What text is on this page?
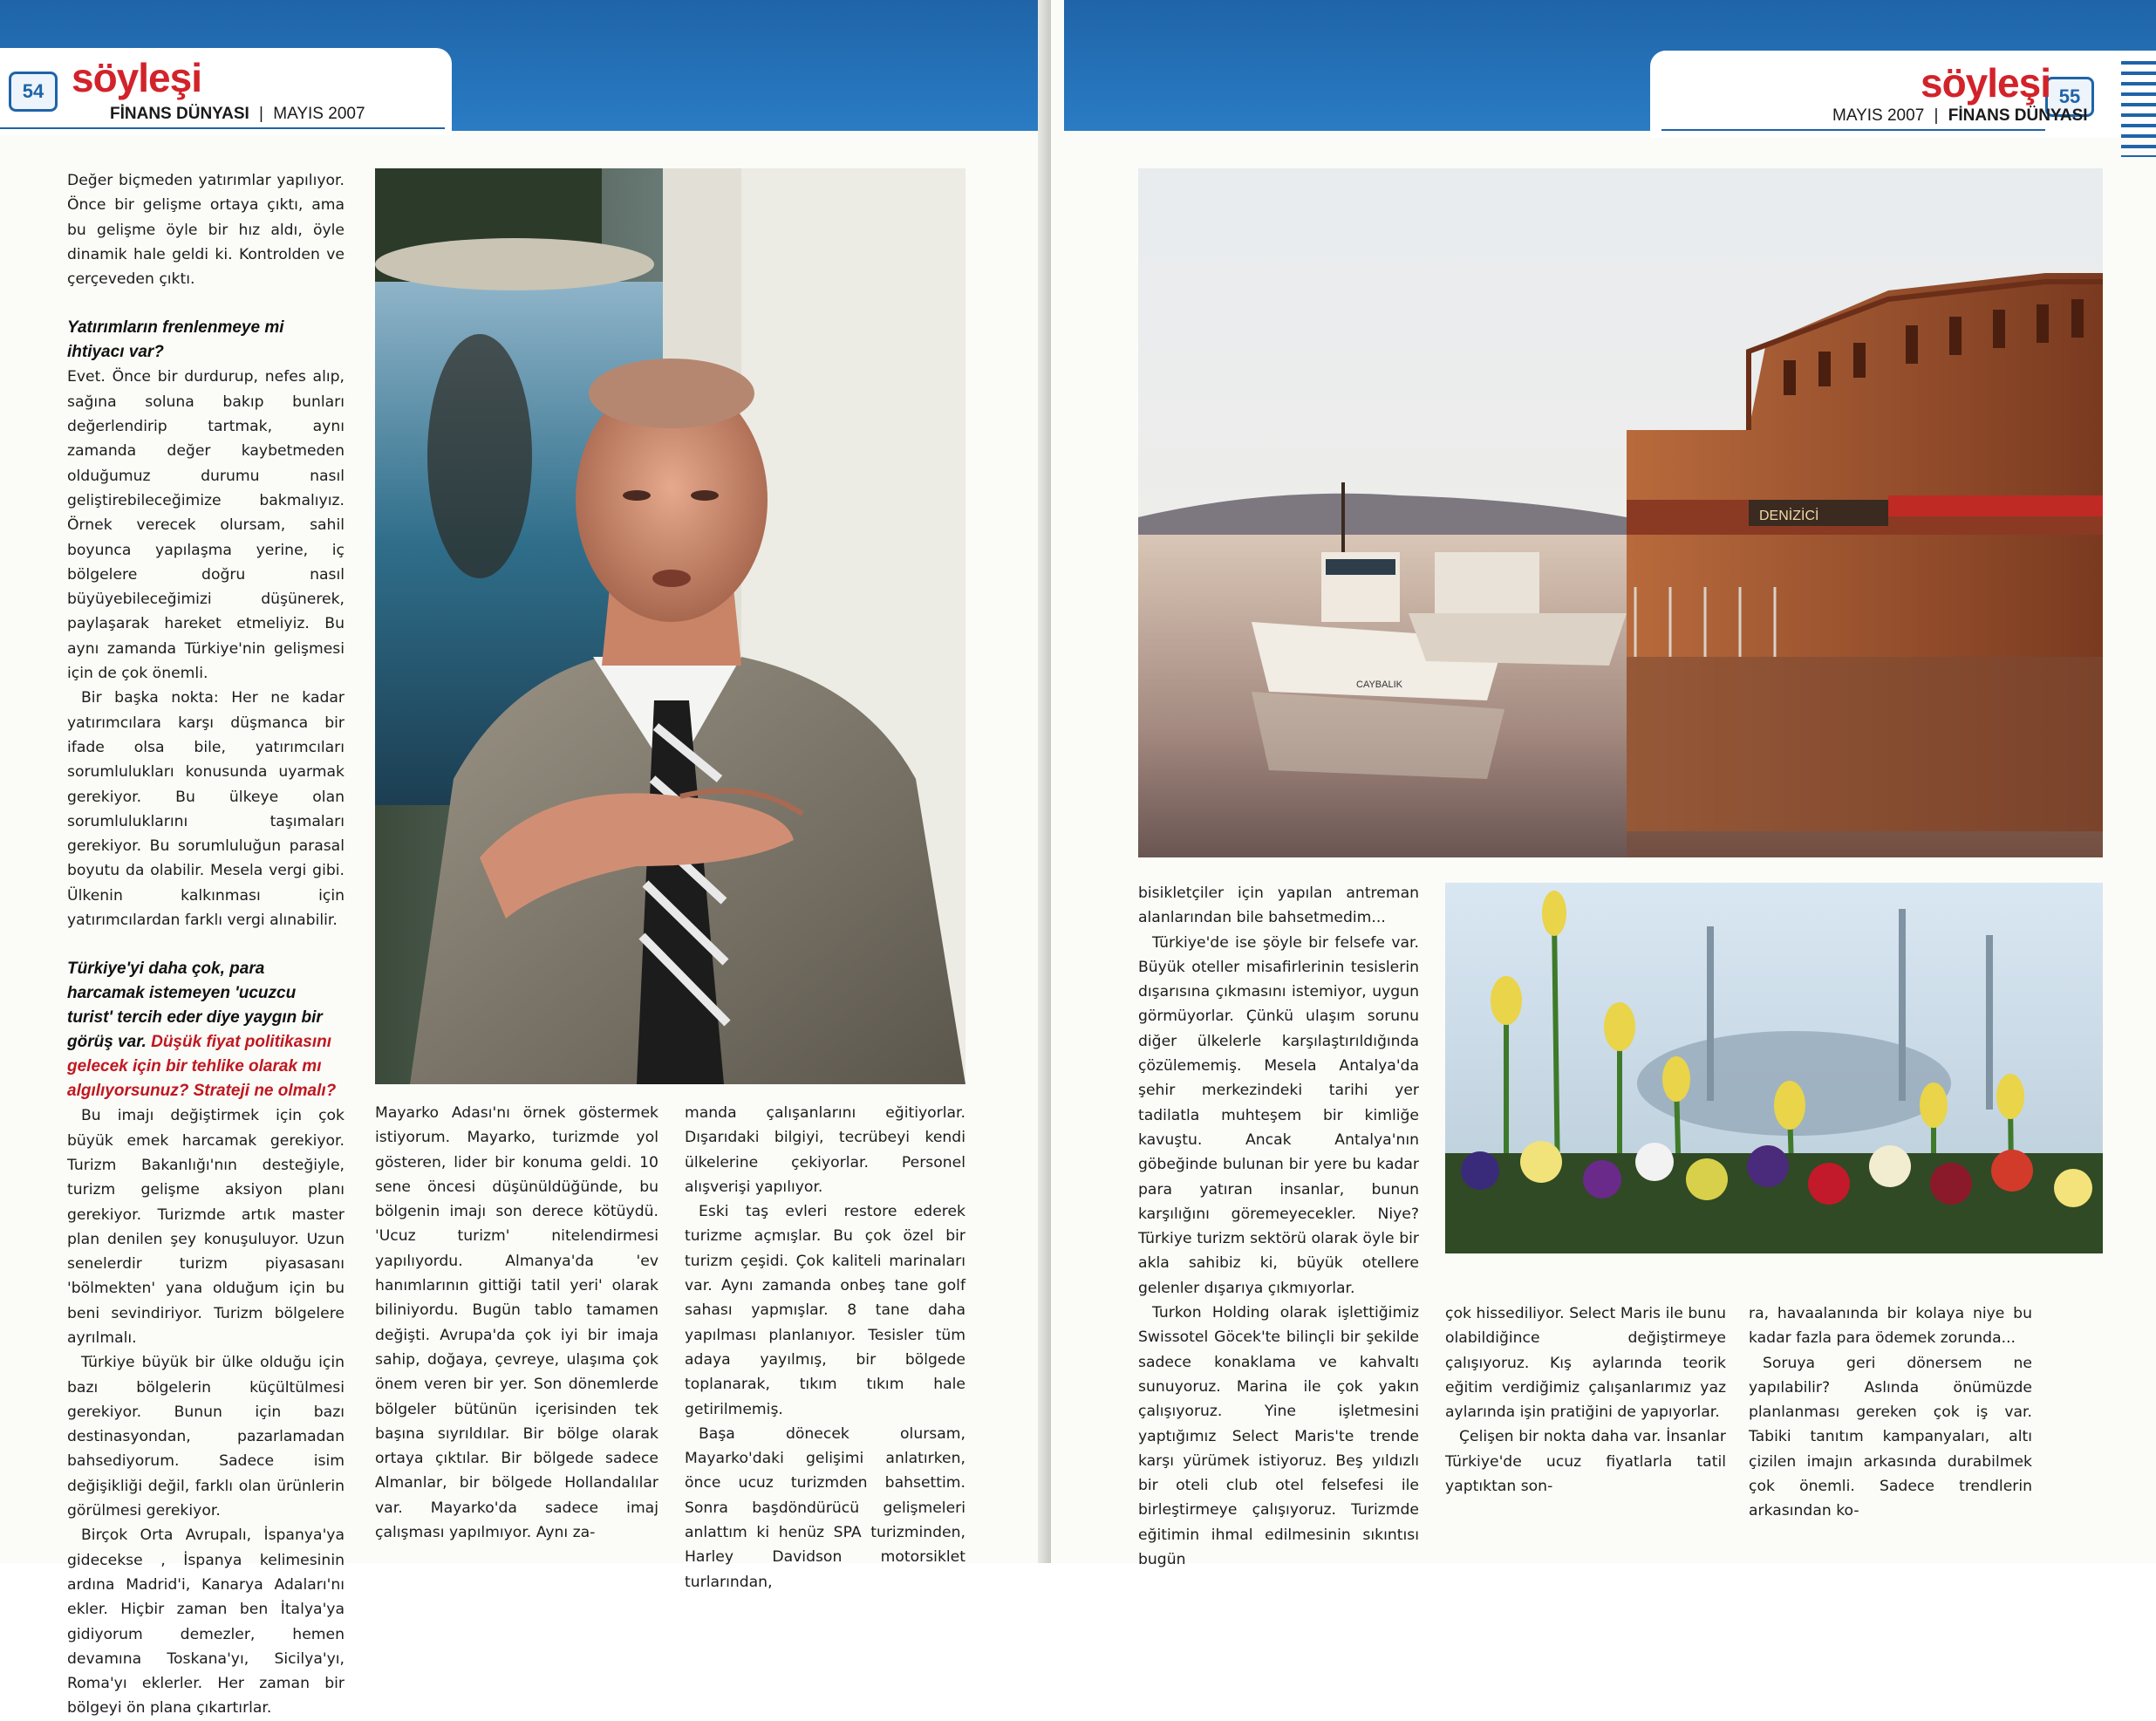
54 söyleşi
FİNANS DÜNYASI | MAYIS 2007

Değer biçmeden yatırımlar yapılıyor. Önce bir gelişme ortaya çıktı, ama bu gelişme öyle bir hız aldı, öyle dinamik hale geldi ki. Kontrolden ve çerçeveden çıktı.

Yatırımların frenlenmeye mi ihtiyacı var?

Evet. Önce bir durdurup, nefes alıp, sağına soluna bakıp bunları değerlendirip tartmak, aynı zamanda değer kaybetmeden olduğumuz durumu nasıl geliştirebileceğimize bakmalıyız. Örnek verecek olursam, sahil boyunca yapılaşma yerine, iç bölgelere doğru nasıl büyüyebileceğimizi düşünerek, paylaşarak hareket etmeliyiz. Bu aynı zamanda Türkiye'nin gelişmesi için de çok önemli.

Bir başka nokta: Her ne kadar yatırımcılara karşı düşmanca bir ifade olsa bile, yatırımcıları sorumlulukları konusunda uyarmak gerekiyor. Bu ülkeye olan sorumluluklarını taşımaları gerekiyor. Bu sorumluluğun parasal boyutu da olabilir. Mesela vergi gibi. Ülkenin kalkınması için yatırımcılardan farklı vergi alınabilir.

Türkiye'yi daha çok, para harcamak istemeyen 'ucuzcu turist' tercih eder diye yaygın bir görüş var. Düşük fiyat politikasını gelecek için bir tehlike olarak mı algılıyorsunuz? Strateji ne olmalı?

Bu imajı değiştirmek için çok büyük emek harcamak gerekiyor. Turizm Bakanlığı'nın desteğiyle, turizm gelişme aksiyon planı gerekiyor. Turizmde artık master plan denilen şey konuşuluyor. Uzun senelerdir turizm piyasasanı 'bölmekten' yana olduğum için bu beni sevindiriyor. Turizm bölgelere ayrılmalı.

Türkiye büyük bir ülke olduğu için bazı bölgelerin küçültülmesi gerekiyor. Bunun için bazı destinasyondan, pazarlamadan bahsediyorum. Sadece isim değişikliği değil, farklı olan ürünlerin görülmesi gerekiyor.

Birçok Orta Avrupalı, İspanya'ya gidecekse , İspanya kelimesinin ardına Madrid'i, Kanarya Adaları'nı ekler. Hiçbir zaman ben İtalya'ya gidiyorum demezler, hemen devamına Toskana'yı, Sicilya'yı, Roma'yı eklerler. Her zaman bir bölgeyi ön plana çıkartırlar.

Mayarko Adası'nı örnek göstermek istiyorum. Mayarko, turizmde yol gösteren, lider bir konuma geldi. 10 sene öncesi düşünüldüğünde, bu bölgenin imajı son derece kötüydü. 'Ucuz turizm' nitelendirmesi yapılıyordu. Almanya'da 'ev hanımlarının gittiği tatil yeri' olarak biliniyordu. Bugün tablo tamamen değişti. Avrupa'da çok iyi bir imaja sahip, doğaya, çevreye, ulaşıma çok önem veren bir yer. Son dönemlerde bölgeler bütünün içerisinden tek başına sıyrıldılar. Bir bölge olarak ortaya çıktılar. Bir bölgede sadece Almanlar, bir bölgede Hollandalılar var. Mayarko'da sadece imaj çalışması yapılmıyor. Aynı za-

manda çalışanlarını eğitiyorlar. Dışarıdaki bilgiyi, tecrübeyi kendi ülkelerine çekiyorlar. Personel alışverişi yapılıyor.

Eski taş evleri restore ederek turizme açmışlar. Bu çok özel bir turizm çeşidi. Çok kaliteli marinaları var. Aynı zamanda onbeş tane golf sahası yapmışlar. 8 tane daha yapılması planlanıyor. Tesisler tüm adaya yayılmış, bir bölgede toplanarak, tıkım tıkım hale getirilmemiş.

Başa dönecek olursam, Mayarko'daki gelişimi anlatırken, önce ucuz turizmden bahsettim. Sonra başdöndürücü gelişmeleri anlattım ki henüz SPA turizminden, Harley Davidson motorsiklet turlarından,

55
söyleşi
MAYIS 2007 | FİNANS DÜNYASI
DENİZİCİ
CAYBALIK

bisikletçiler için yapılan antreman alanlarından bile bahsetmedim...

Türkiye'de ise şöyle bir felsefe var. Büyük oteller misafirlerinin tesislerin dışarısına çıkmasını istemiyor, uygun görmüyorlar. Çünkü ulaşım sorunu diğer ülkelerle karşılaştırıldığında çözülememiş. Mesela Antalya'da şehir merkezindeki tarihi yer tadilatla muhteşem bir kimliğe kavuştu. Ancak Antalya'nın göbeğinde bulunan bir yere bu kadar para yatıran insanlar, bunun karşılığını göremeyecekler. Niye?Türkiye turizm sektörü olarak öyle bir akla sahibiz ki, büyük otellere gelenler dışarıya çıkmıyorlar.

Turkon Holding olarak işlettiğimiz Swissotel Göcek'te bilinçli bir şekilde sadece konaklama ve kahvaltı sunuyoruz. Marina ile çok yakın çalışıyoruz. Yine işletmesini yaptığımız Select Maris'te trende karşı yürümek istiyoruz. Beş yıldızlı bir oteli club otel felsefesi ile birleştirmeye çalışıyoruz. Turizmde eğitimin ihmal edilmesinin sıkıntısı bugün

çok hissediliyor. Select Maris ile bunu olabildiğince değiştirmeye çalışıyoruz. Kış aylarında teorik eğitim verdiğimiz çalışanlarımız yaz aylarında işin pratiğini de yapıyorlar.

Çelişen bir nokta daha var. İnsanlar Türkiye'de ucuz fiyatlarla tatil yaptıktan son-

ra, havaalanında bir kolaya niye bu kadar fazla para ödemek zorunda...

Soruya geri dönersem ne yapılabilir? Aslında önümüzde planlanması gereken çok iş var. Tabiki tanıtım kampanyaları, altı çizilen imajın arkasında durabilmek çok önemli. Sadece trendlerin arkasından ko-
